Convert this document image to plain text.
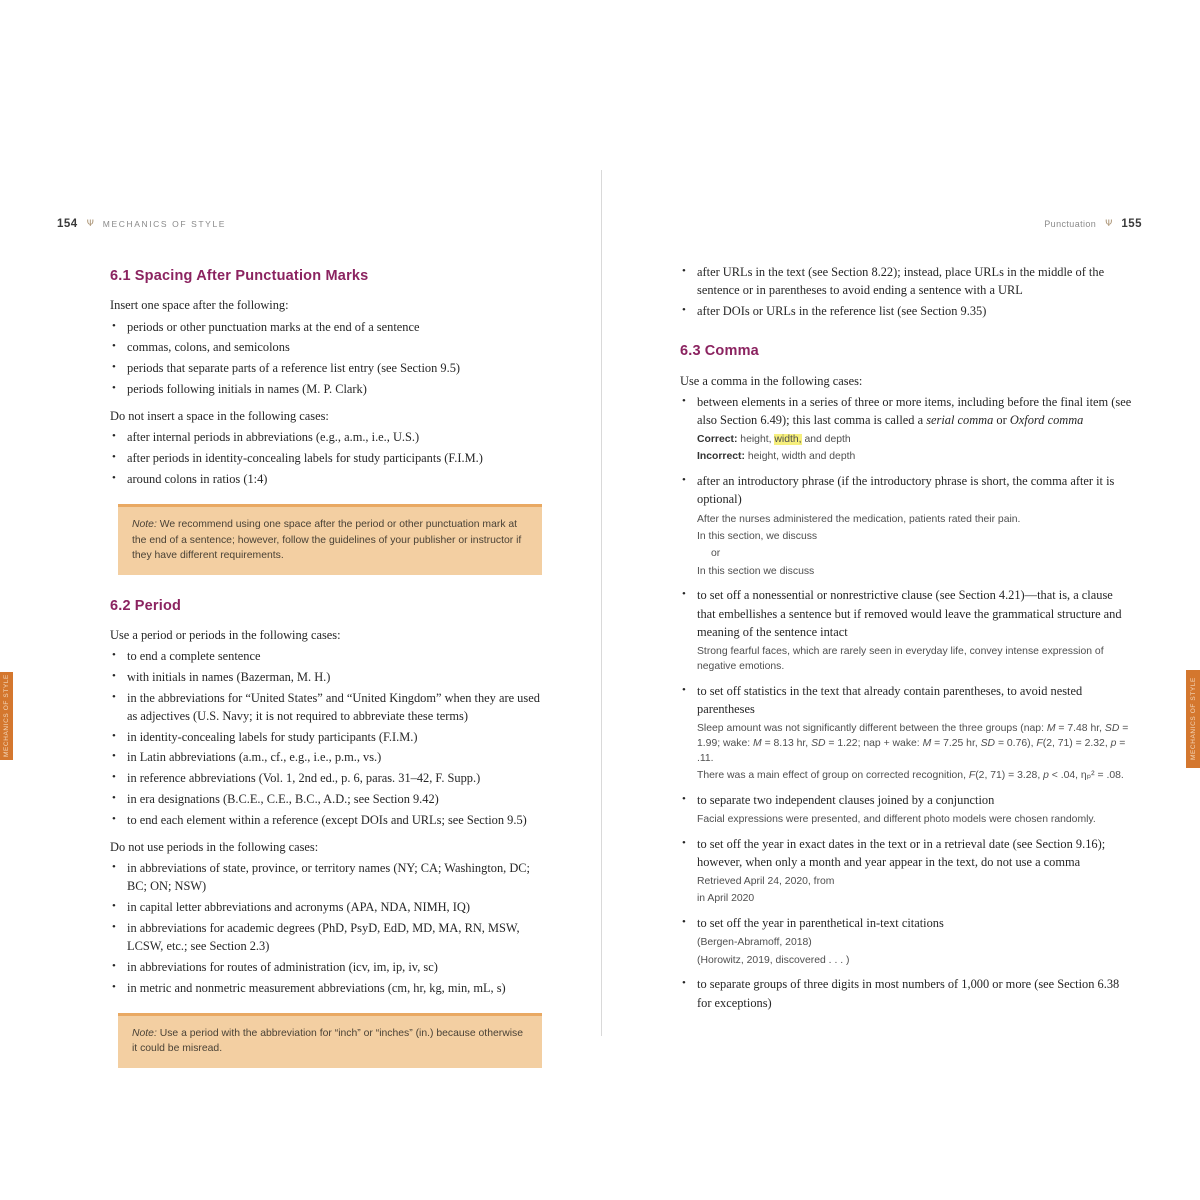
154 Ψ MECHANICS OF STYLE	Punctuation Ψ 155
6.1 Spacing After Punctuation Marks

Insert one space after the following:

• periods or other punctuation marks at the end of a sentence
• commas, colons, and semicolons
• periods that separate parts of a reference list entry (see Section 9.5)
• periods following initials in names (M. P. Clark)

Do not insert a space in the following cases:

• after internal periods in abbreviations (e.g., a.m., i.e., U.S.)
• after periods in identity-concealing labels for study participants (F.I.M.)
• around colons in ratios (1:4)
Note: We recommend using one space after the period or other punctuation mark at the end of a sentence; however, follow the guidelines of your publisher or instructor if they have different requirements.
6.2 Period

Use a period or periods in the following cases:

• to end a complete sentence
• with initials in names (Bazerman, M. H.)
• in the abbreviations for “United States” and “United Kingdom” when they are used as adjectives (U.S. Navy; it is not required to abbreviate these terms)
• in identity-concealing labels for study participants (F.I.M.)
• in Latin abbreviations (a.m., cf., e.g., i.e., p.m., vs.)
• in reference abbreviations (Vol. 1, 2nd ed., p. 6, paras. 31–42, F. Supp.)
• in era designations (B.C.E., C.E., B.C., A.D.; see Section 9.42)
• to end each element within a reference (except DOIs and URLs; see Section 9.5)

Do not use periods in the following cases:

• in abbreviations of state, province, or territory names (NY; CA; Washington, DC; BC; ON; NSW)
• in capital letter abbreviations and acronyms (APA, NDA, NIMH, IQ)
• in abbreviations for academic degrees (PhD, PsyD, EdD, MD, MA, RN, MSW, LCSW, etc.; see Section 2.3)
• in abbreviations for routes of administration (icv, im, ip, iv, sc)
• in metric and nonmetric measurement abbreviations (cm, hr, kg, min, mL, s)
Note: Use a period with the abbreviation for “inch” or “inches” (in.) because otherwise it could be misread.
• after URLs in the text (see Section 8.22); instead, place URLs in the middle of the sentence or in parentheses to avoid ending a sentence with a URL
• after DOIs or URLs in the reference list (see Section 9.35)
6.3 Comma

Use a comma in the following cases:

• between elements in a series of three or more items, including before the final item (see also Section 6.49); this last comma is called a serial comma or Oxford comma
Correct: height, width, and depth
Incorrect: height, width and depth
• after an introductory phrase (if the introductory phrase is short, the comma after it is optional)
After the nurses administered the medication, patients rated their pain.
In this section, we discuss
or
In this section we discuss
• to set off a nonessential or nonrestrictive clause (see Section 4.21)—that is, a clause that embellishes a sentence but if removed would leave the grammatical structure and meaning of the sentence intact
Strong fearful faces, which are rarely seen in everyday life, convey intense expression of negative emotions.
• to set off statistics in the text that already contain parentheses, to avoid nested parentheses
Sleep amount was not significantly different between the three groups (nap: M = 7.48 hr, SD = 1.99; wake: M = 8.13 hr, SD = 1.22; nap + wake: M = 7.25 hr, SD = 0.76), F(2, 71) = 2.32, p = .11.
There was a main effect of group on corrected recognition, F(2, 71) = 3.28, p < .04, ηₚ² = .08.
• to separate two independent clauses joined by a conjunction
Facial expressions were presented, and different photo models were chosen randomly.
• to set off the year in exact dates in the text or in a retrieval date (see Section 9.16); however, when only a month and year appear in the text, do not use a comma
Retrieved April 24, 2020, from
in April 2020
• to set off the year in parenthetical in-text citations
(Bergen-Abramoff, 2018)
(Horowitz, 2019, discovered . . . )
• to separate groups of three digits in most numbers of 1,000 or more (see Section 6.38 for exceptions)
MECHANICS OF STYLE	MECHANICS OF STYLE
